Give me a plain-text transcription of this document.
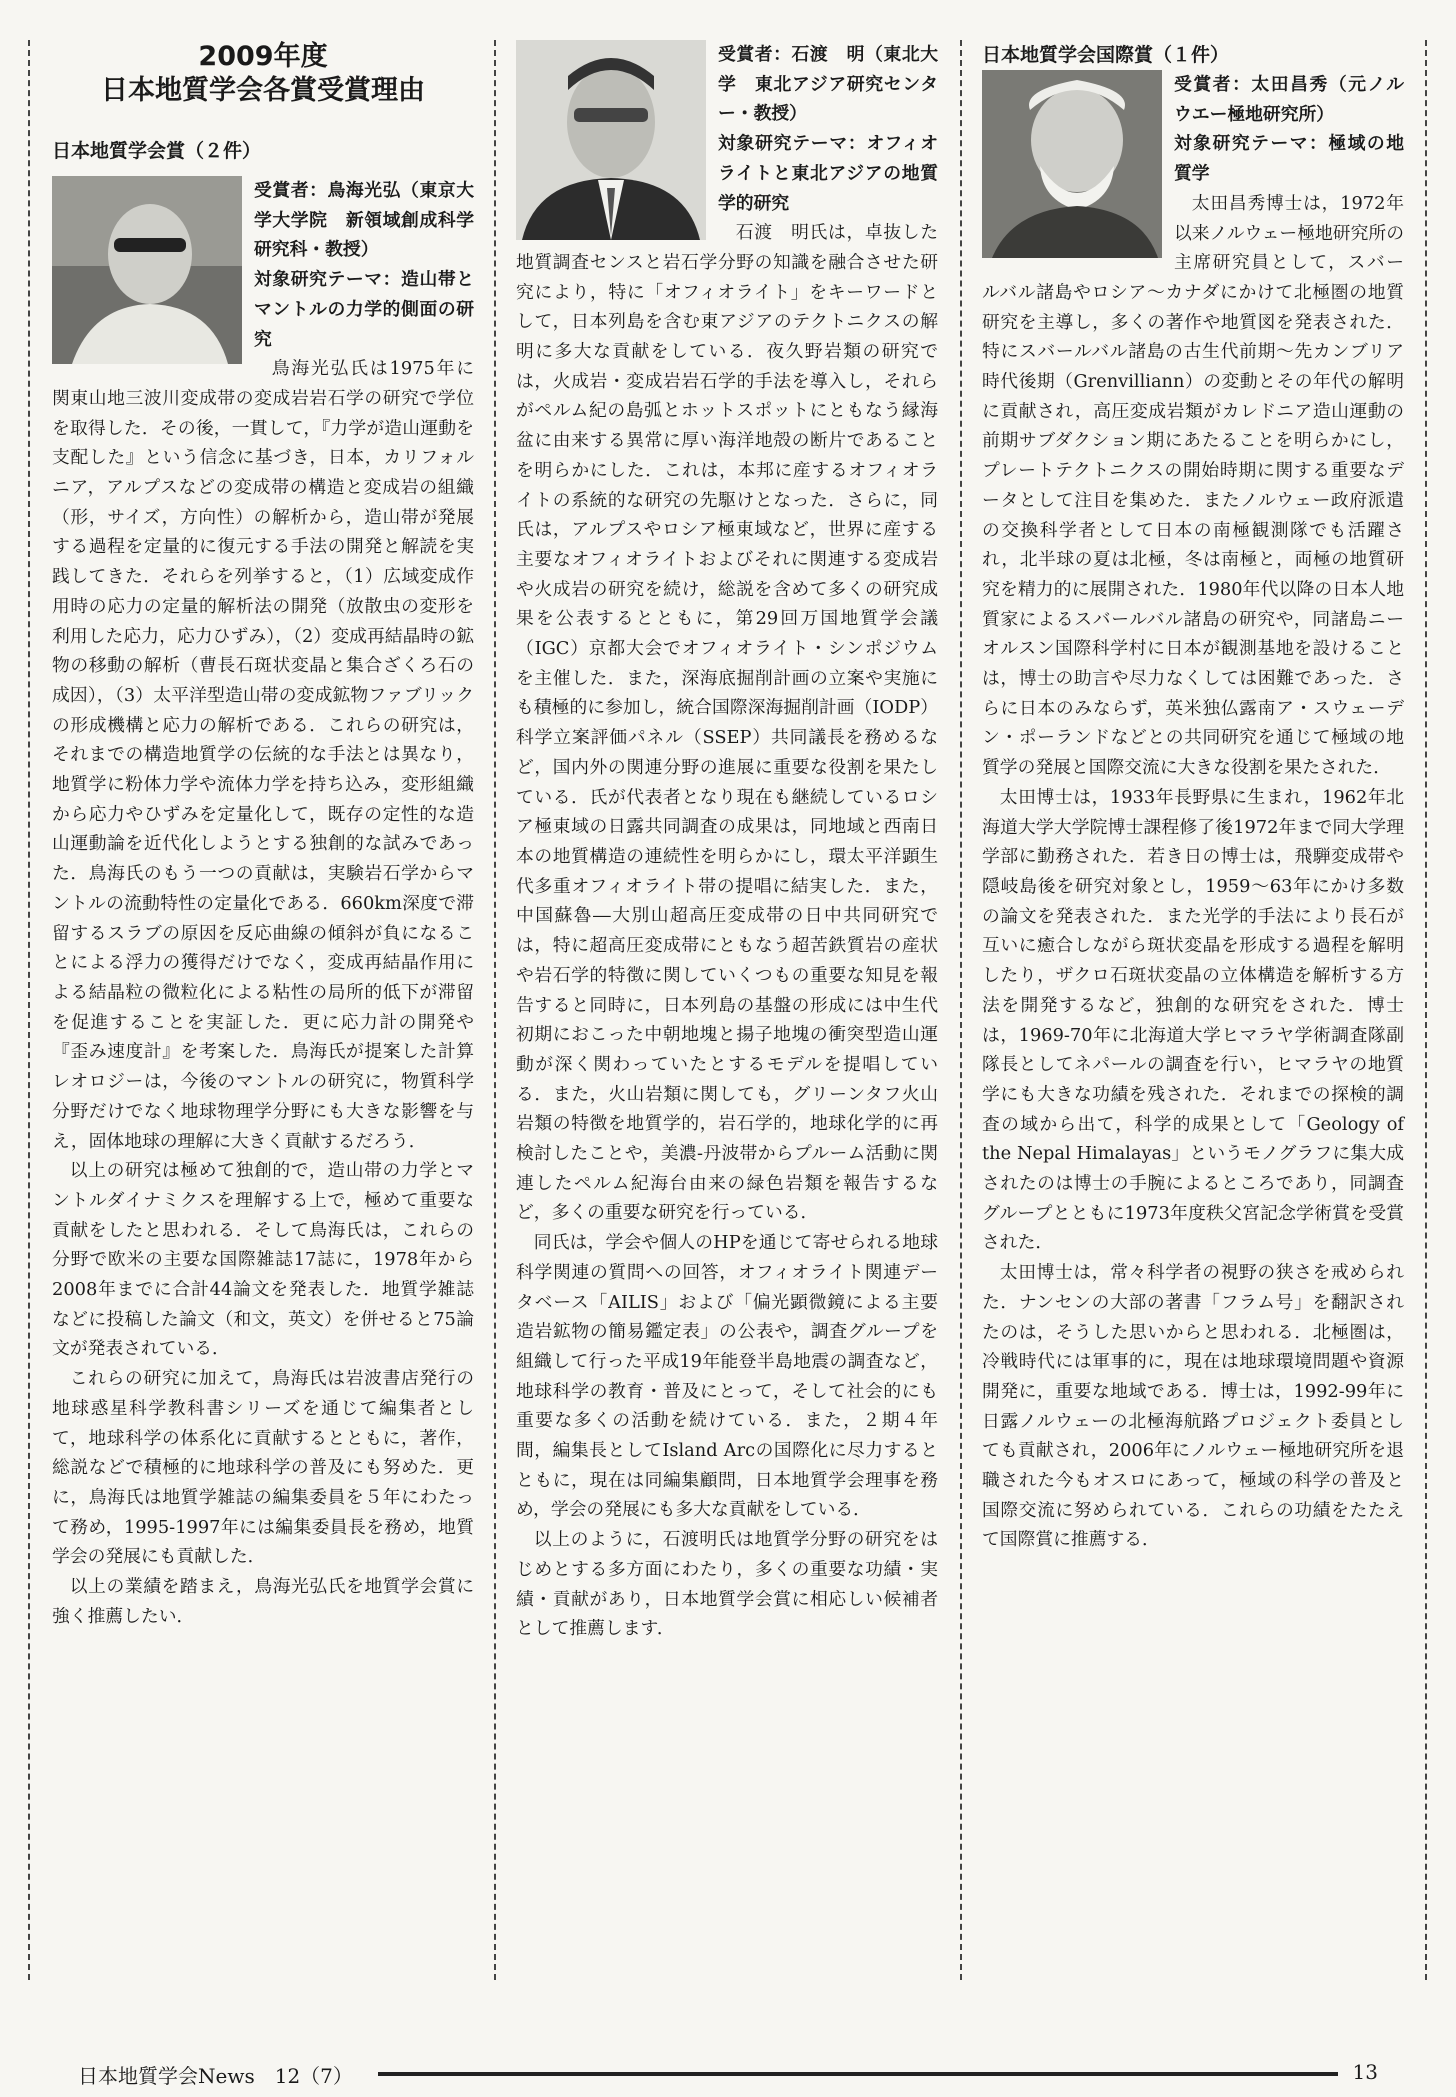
2009年度
日本地質学会各賞受賞理由
日本地質学会賞（２件）
受賞者：鳥海光弘（東京大学大学院　新領域創成科学研究科・教授）
対象研究テーマ：造山帯とマントルの力学的側面の研究

鳥海光弘氏は1975年に関東山地三波川変成帯の変成岩岩石学の研究で学位を取得した．その後，一貫して，『力学が造山運動を支配した』という信念に基づき，日本，カリフォルニア，アルプスなどの変成帯の構造と変成岩の組織（形，サイズ，方向性）の解析から，造山帯が発展する過程を定量的に復元する手法の開発と解読を実践してきた．それらを列挙すると，（1）広域変成作用時の応力の定量的解析法の開発（放散虫の変形を利用した応力，応力ひずみ），（2）変成再結晶時の鉱物の移動の解析（曹長石斑状変晶と集合ざくろ石の成因），（3）太平洋型造山帯の変成鉱物ファブリックの形成機構と応力の解析である．これらの研究は，それまでの構造地質学の伝統的な手法とは異なり，地質学に粉体力学や流体力学を持ち込み，変形組織から応力やひずみを定量化して，既存の定性的な造山運動論を近代化しようとする独創的な試みであった．鳥海氏のもう一つの貢献は，実験岩石学からマントルの流動特性の定量化である．660km深度で滞留するスラブの原因を反応曲線の傾斜が負になることによる浮力の獲得だけでなく，変成再結晶作用による結晶粒の微粒化による粘性の局所的低下が滞留を促進することを実証した．更に応力計の開発や『歪み速度計』を考案した．鳥海氏が提案した計算レオロジーは，今後のマントルの研究に，物質科学分野だけでなく地球物理学分野にも大きな影響を与え，固体地球の理解に大きく貢献するだろう．

以上の研究は極めて独創的で，造山帯の力学とマントルダイナミクスを理解する上で，極めて重要な貢献をしたと思われる．そして鳥海氏は，これらの分野で欧米の主要な国際雑誌17誌に，1978年から2008年までに合計44論文を発表した．地質学雑誌などに投稿した論文（和文，英文）を併せると75論文が発表されている．

これらの研究に加えて，鳥海氏は岩波書店発行の地球惑星科学教科書シリーズを通じて編集者として，地球科学の体系化に貢献するとともに，著作，総説などで積極的に地球科学の普及にも努めた．更に，鳥海氏は地質学雑誌の編集委員を５年にわたって務め，1995-1997年には編集委員長を務め，地質学会の発展にも貢献した．

以上の業績を踏まえ，鳥海光弘氏を地質学会賞に強く推薦したい．

受賞者：石渡　明（東北大学　東北アジア研究センター・教授）
対象研究テーマ：オフィオライトと東北アジアの地質学的研究

石渡　明氏は，卓抜した地質調査センスと岩石学分野の知識を融合させた研究により，特に「オフィオライト」をキーワードとして，日本列島を含む東アジアのテクトニクスの解明に多大な貢献をしている．夜久野岩類の研究では，火成岩・変成岩岩石学的手法を導入し，それらがペルム紀の島弧とホットスポットにともなう縁海盆に由来する異常に厚い海洋地殻の断片であることを明らかにした．これは，本邦に産するオフィオライトの系統的な研究の先駆けとなった．さらに，同氏は，アルプスやロシア極東域など，世界に産する主要なオフィオライトおよびそれに関連する変成岩や火成岩の研究を続け，総説を含めて多くの研究成果を公表するとともに，第29回万国地質学会議（IGC）京都大会でオフィオライト・シンポジウムを主催した．また，深海底掘削計画の立案や実施にも積極的に参加し，統合国際深海掘削計画（IODP）科学立案評価パネル（SSEP）共同議長を務めるなど，国内外の関連分野の進展に重要な役割を果たしている．氏が代表者となり現在も継続しているロシア極東域の日露共同調査の成果は，同地域と西南日本の地質構造の連続性を明らかにし，環太平洋顕生代多重オフィオライト帯の提唱に結実した．また，中国蘇魯―大別山超高圧変成帯の日中共同研究では，特に超高圧変成帯にともなう超苦鉄質岩の産状や岩石学的特徴に関していくつもの重要な知見を報告すると同時に，日本列島の基盤の形成には中生代初期におこった中朝地塊と揚子地塊の衝突型造山運動が深く関わっていたとするモデルを提唱している．また，火山岩類に関しても，グリーンタフ火山岩類の特徴を地質学的，岩石学的，地球化学的に再検討したことや，美濃-丹波帯からプルーム活動に関連したペルム紀海台由来の緑色岩類を報告するなど，多くの重要な研究を行っている．

同氏は，学会や個人のHPを通じて寄せられる地球科学関連の質問への回答，オフィオライト関連データベース「AILIS」および「偏光顕微鏡による主要造岩鉱物の簡易鑑定表」の公表や，調査グループを組織して行った平成19年能登半島地震の調査など，地球科学の教育・普及にとって，そして社会的にも重要な多くの活動を続けている．また，２期４年間，編集長としてIsland Arcの国際化に尽力するとともに，現在は同編集顧問，日本地質学会理事を務め，学会の発展にも多大な貢献をしている．

以上のように，石渡明氏は地質学分野の研究をはじめとする多方面にわたり，多くの重要な功績・実績・貢献があり，日本地質学会賞に相応しい候補者として推薦します．

日本地質学会国際賞（１件）
受賞者：太田昌秀（元ノルウエー極地研究所）
対象研究テーマ：極域の地質学

太田昌秀博士は，1972年以来ノルウェー極地研究所の主席研究員として，スバールバル諸島やロシア～カナダにかけて北極圏の地質研究を主導し，多くの著作や地質図を発表された．特にスバールバル諸島の古生代前期～先カンブリア時代後期（Grenvilliann）の変動とその年代の解明に貢献され，高圧変成岩類がカレドニア造山運動の前期サブダクション期にあたることを明らかにし，プレートテクトニクスの開始時期に関する重要なデータとして注目を集めた．またノルウェー政府派遣の交換科学者として日本の南極観測隊でも活躍され，北半球の夏は北極，冬は南極と，両極の地質研究を精力的に展開された．1980年代以降の日本人地質家によるスバールバル諸島の研究や，同諸島ニーオルスン国際科学村に日本が観測基地を設けることは，博士の助言や尽力なくしては困難であった．さらに日本のみならず，英米独仏露南ア・スウェーデン・ポーランドなどとの共同研究を通じて極域の地質学の発展と国際交流に大きな役割を果たされた．

太田博士は，1933年長野県に生まれ，1962年北海道大学大学院博士課程修了後1972年まで同大学理学部に勤務された．若き日の博士は，飛騨変成帯や隠岐島後を研究対象とし，1959～63年にかけ多数の論文を発表された．また光学的手法により長石が互いに癒合しながら斑状変晶を形成する過程を解明したり，ザクロ石斑状変晶の立体構造を解析する方法を開発するなど，独創的な研究をされた．博士は，1969-70年に北海道大学ヒマラヤ学術調査隊副隊長としてネパールの調査を行い，ヒマラヤの地質学にも大きな功績を残された．それまでの探検的調査の域から出て，科学的成果として「Geology of the Nepal Himalayas」というモノグラフに集大成されたのは博士の手腕によるところであり，同調査グループとともに1973年度秩父宮記念学術賞を受賞された．

太田博士は，常々科学者の視野の狭さを戒められた．ナンセンの大部の著書「フラム号」を翻訳されたのは，そうした思いからと思われる．北極圏は，冷戦時代には軍事的に，現在は地球環境問題や資源開発に，重要な地域である．博士は，1992-99年に日露ノルウェーの北極海航路プロジェクト委員としても貢献され，2006年にノルウェー極地研究所を退職された今もオスロにあって，極域の科学の普及と国際交流に努められている．これらの功績をたたえて国際賞に推薦する．

日本地質学会News　12（7）	13
